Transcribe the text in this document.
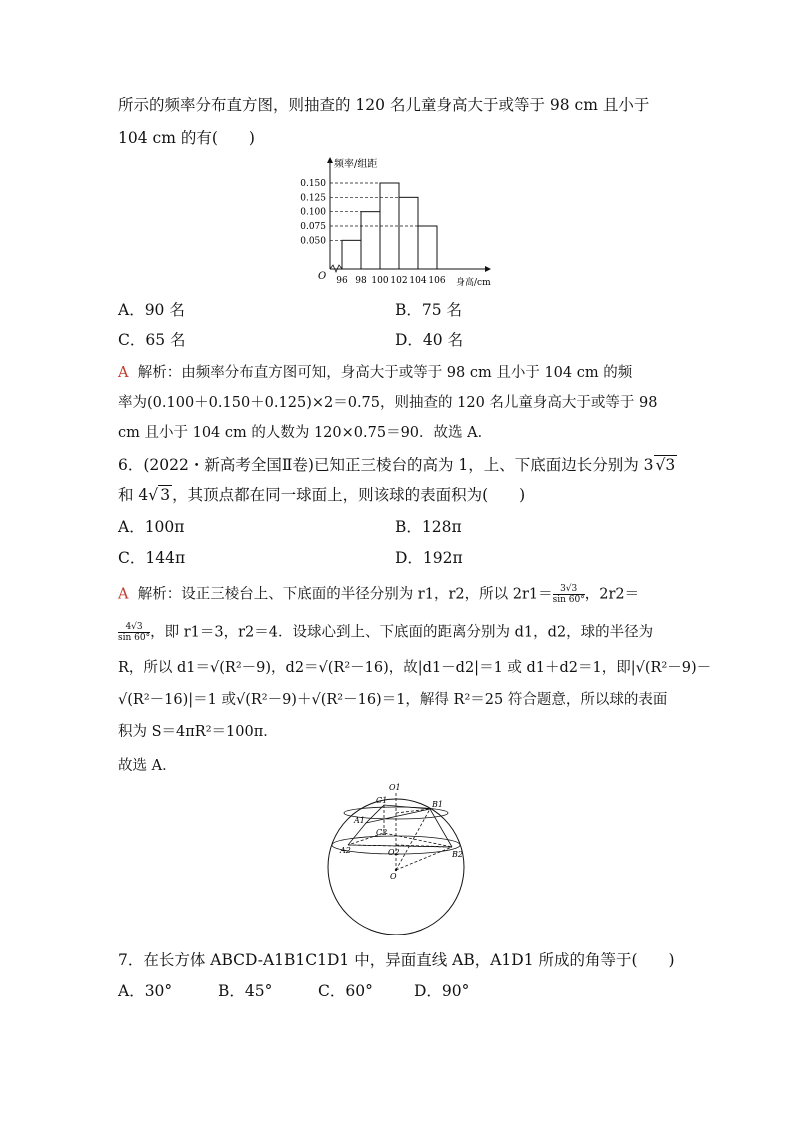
所示的频率分布直方图，则抽查的 120 名儿童身高大于或等于 98 cm 且小于
104 cm 的有(　　)
频率/组距
身高/cm
O
0.150
0.125
0.100
0.075
0.050
96 98 100 102 104 106
A．90 名	B．75 名
C．65 名	D．40 名
A 解析：由频率分布直方图可知，身高大于或等于 98 cm 且小于 104 cm 的频
率为(0.100＋0.150＋0.125)×2＝0.75，则抽查的 120 名儿童身高大于或等于 98
cm 且小于 104 cm 的人数为 120×0.75＝90．故选 A．
6．(2022・新高考全国Ⅱ卷)已知正三棱台的高为 1，上、下底面边长分别为 3 √3
和 4√ 3 ，其顶点都在同一球面上，则该球的表面积为(　　)
A．100π	B．128π
C．144π	D．192π
A 解析：设正三棱台上、下底面的半径分别为 r1，r2，所以 $2r1= \frac{3√3}{\sin 60^\circ}$ ，2r2＝
$\frac{4√3}{\sin 60^\circ}$ ，即 r1＝3，r2＝4．设球心到上、下底面的距离分别为 d1，d2，球的半径为
R，所以 d1＝√(R²－9)，d2＝√(R²－16)，故|d1－d2|＝1 或 d1＋d2＝1，即|√(R²－9)－
√(R²－16)|＝1 或√(R²－9)＋√(R²－16)＝1，解得 R²＝25 符合题意，所以球的表面
积为 S＝4πR²＝100π．
故选 A．
O1
C1	B1
A1
C2
O2
A2	B2
O
7．在长方体 ABCD-A1B1C1D1 中，异面直线 AB，A1D1 所成的角等于(　　)
A．30°	B．45°	C．60°	D．90°
